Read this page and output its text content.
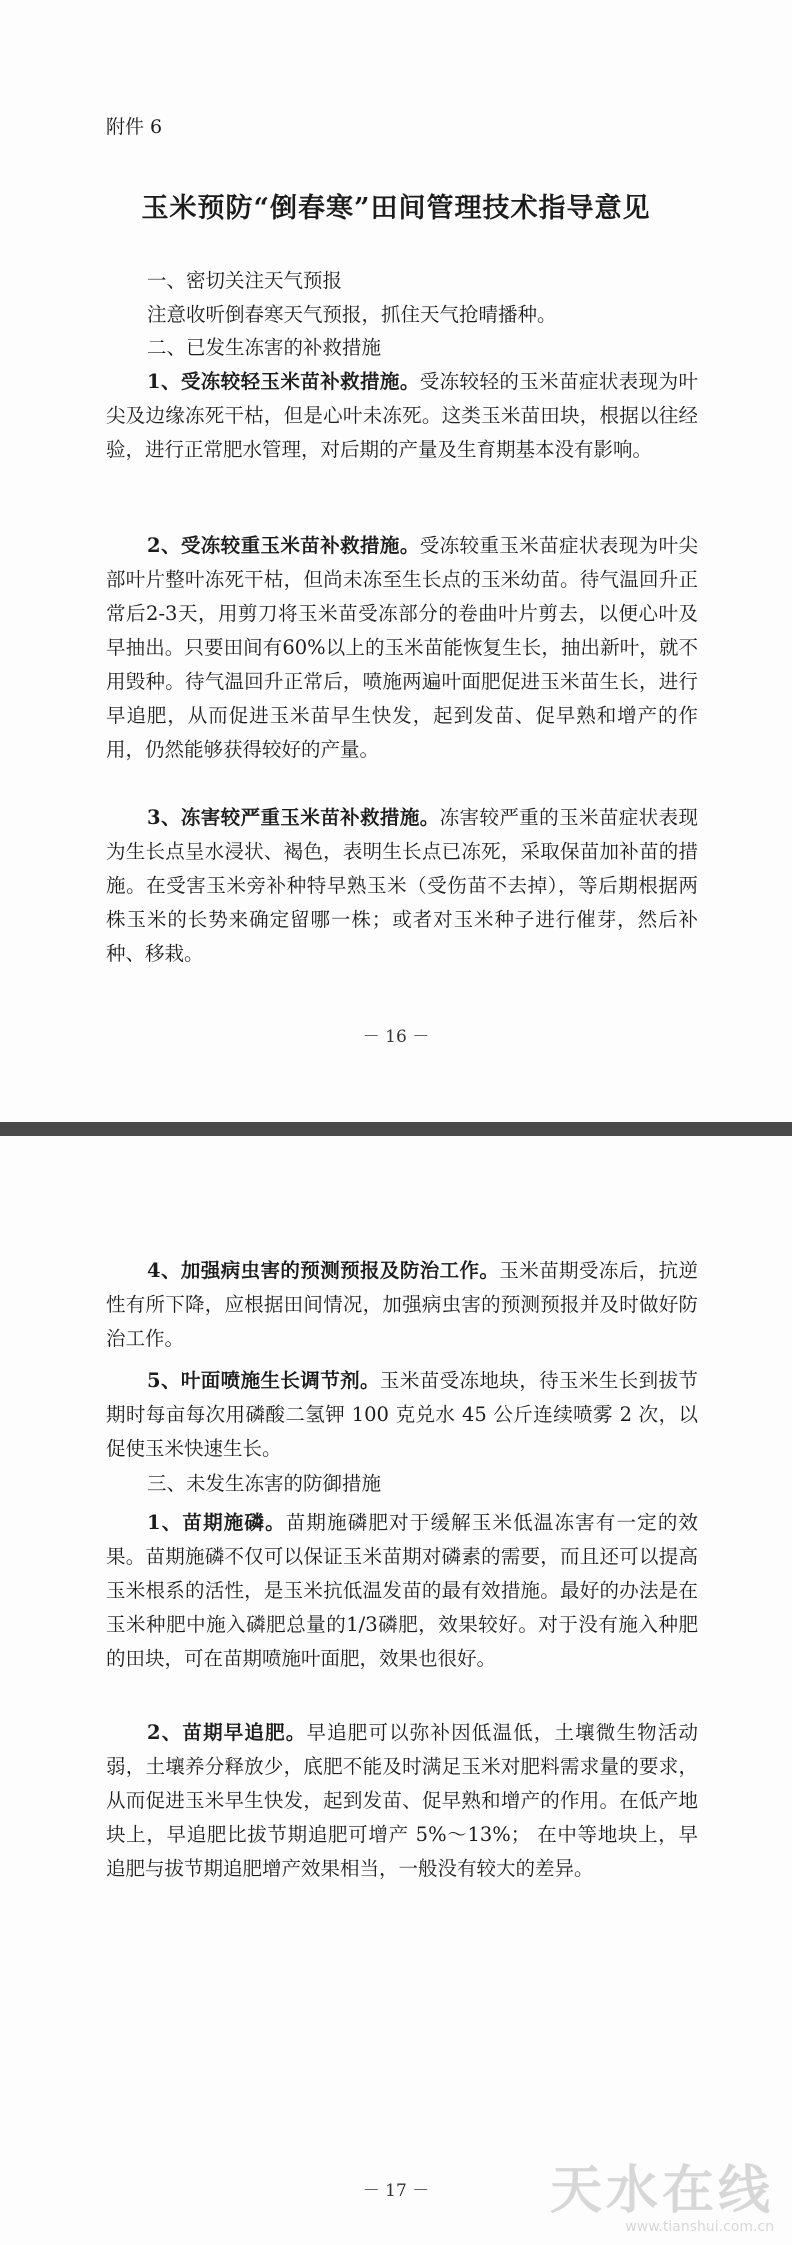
附件 6
玉米预防“倒春寒”田间管理技术指导意见
一、密切关注天气预报
注意收听倒春寒天气预报，抓住天气抢晴播种。
二、已发生冻害的补救措施
1、受冻较轻玉米苗补救措施。受冻较轻的玉米苗症状表现为叶尖及边缘冻死干枯，但是心叶未冻死。这类玉米苗田块，根据以往经验，进行正常肥水管理，对后期的产量及生育期基本没有影响。
2、受冻较重玉米苗补救措施。受冻较重玉米苗症状表现为叶尖部叶片整叶冻死干枯，但尚未冻至生长点的玉米幼苗。待气温回升正常后2-3天，用剪刀将玉米苗受冻部分的卷曲叶片剪去，以便心叶及早抽出。只要田间有60%以上的玉米苗能恢复生长，抽出新叶，就不用毁种。待气温回升正常后，喷施两遍叶面肥促进玉米苗生长，进行早追肥，从而促进玉米苗早生快发，起到发苗、促早熟和增产的作用，仍然能够获得较好的产量。
3、冻害较严重玉米苗补救措施。冻害较严重的玉米苗症状表现为生长点呈水浸状、褐色，表明生长点已冻死，采取保苗加补苗的措施。在受害玉米旁补种特早熟玉米（受伤苗不去掉），等后期根据两株玉米的长势来确定留哪一株；或者对玉米种子进行催芽，然后补种、移栽。
－ 16 －
4、加强病虫害的预测预报及防治工作。玉米苗期受冻后，抗逆性有所下降，应根据田间情况，加强病虫害的预测预报并及时做好防治工作。
5、叶面喷施生长调节剂。玉米苗受冻地块，待玉米生长到拔节期时每亩每次用磷酸二氢钾 100 克兑水 45 公斤连续喷雾 2 次，以促使玉米快速生长。
三、未发生冻害的防御措施
1、苗期施磷。苗期施磷肥对于缓解玉米低温冻害有一定的效果。苗期施磷不仅可以保证玉米苗期对磷素的需要，而且还可以提高玉米根系的活性，是玉米抗低温发苗的最有效措施。最好的办法是在玉米种肥中施入磷肥总量的1/3磷肥，效果较好。对于没有施入种肥的田块，可在苗期喷施叶面肥，效果也很好。
2、苗期早追肥。早追肥可以弥补因低温低，土壤微生物活动弱，土壤养分释放少，底肥不能及时满足玉米对肥料需求量的要求，从而促进玉米早生快发，起到发苗、促早熟和增产的作用。在低产地块上，早追肥比拔节期追肥可增产 5%～13%； 在中等地块上，早追肥与拔节期追肥增产效果相当，一般没有较大的差异。
－ 17 －	天水在线
www.tianshui.com.cn
